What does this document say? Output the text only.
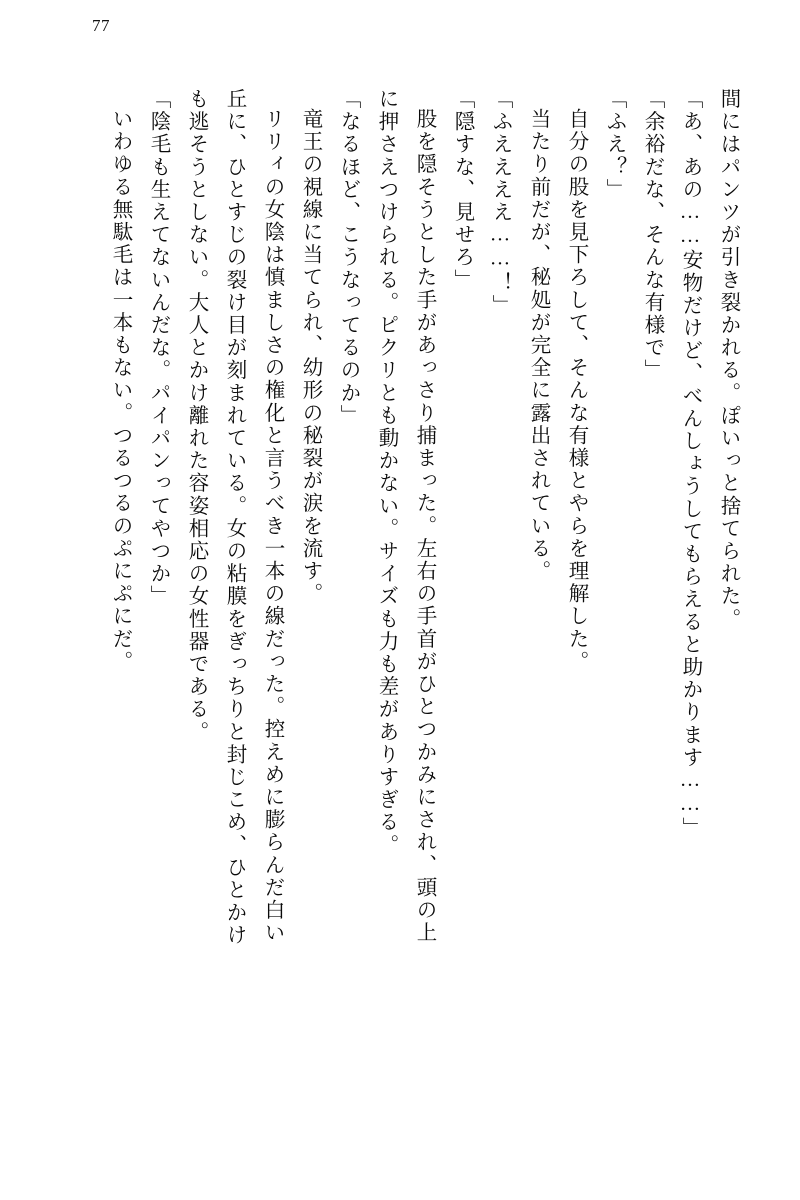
77
間にはパンツが引き裂かれる。ぽいっと捨てられた。
「あ、あの……安物だけど、べんしょうしてもらえると助かります……」
「余裕だな、そんな有様で」
「ふえ？」
自分の股を見下ろして、そんな有様とやらを理解した。
当たり前だが、秘処が完全に露出されている。
「ふええええ……！」
「隠すな、見せろ」
股を隠そうとした手があっさり捕まった。左右の手首がひとつかみにされ、頭の上
に押さえつけられる。ピクリとも動かない。サイズも力も差がありすぎる。
「なるほど、こうなってるのか」
竜王の視線に当てられ、幼形の秘裂が涙を流す。
リリィの女陰は慎ましさの権化と言うべき一本の線だった。控えめに膨らんだ白い
丘に、ひとすじの裂け目が刻まれている。女の粘膜をぎっちりと封じこめ、ひとかけ
も逃そうとしない。大人とかけ離れた容姿相応の女性器である。
「陰毛も生えてないんだな。パイパンってやつか」
いわゆる無駄毛は一本もない。つるつるのぷにぷにだ。
